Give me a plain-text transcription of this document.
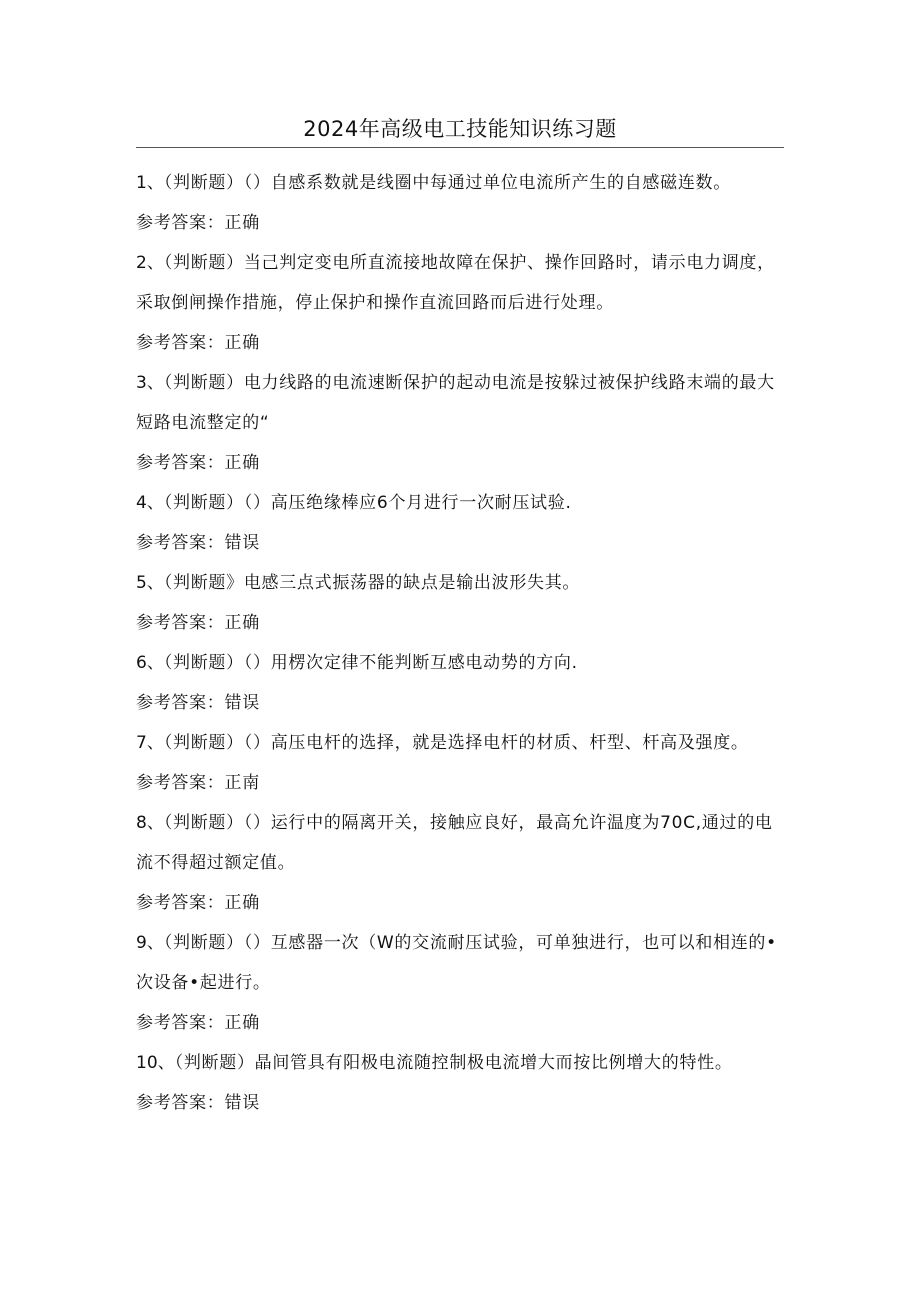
2024年高级电工技能知识练习题

1、（判断题）（）自感系数就是线圈中每通过单位电流所产生的自感磁连数。

参考答案：正确

2、（判断题）当己判定变电所直流接地故障在保护、操作回路时，请示电力调度，采取倒闸操作措施，停止保护和操作直流回路而后进行处理。

参考答案：正确

3、（判断题）电力线路的电流速断保护的起动电流是按躲过被保护线路末端的最大短路电流整定的“

参考答案：正确

4、（判断题）（）高压绝缘棒应6个月进行一次耐压试验.

参考答案：错误

5、（判断题》电感三点式振荡器的缺点是输出波形失其。

参考答案：正确

6、（判断题）（）用楞次定律不能判断互感电动势的方向.

参考答案：错误

7、（判断题）（）高压电杆的选择，就是选择电杆的材质、杆型、杆高及强度。

参考答案：正南

8、（判断题）（）运行中的隔离开关，接触应良好，最高允许温度为70C,通过的电流不得超过额定值。

参考答案：正确

9、（判断题）（）互感器一次（W的交流耐压试验，可单独进行，也可以和相连的•次设备•起进行。

参考答案：正确

10、（判断题）晶间管具有阳极电流随控制极电流增大而按比例增大的特性。

参考答案：错误
